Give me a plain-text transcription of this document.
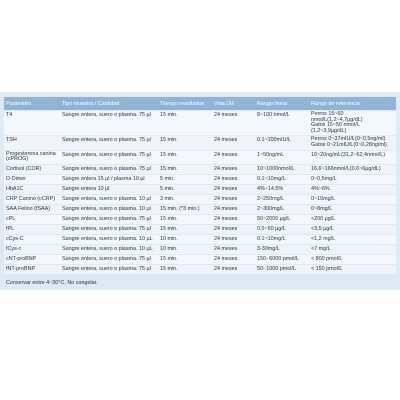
Parámetro	Tipo muestra / Cantidad	Tiempo resultados	Vida Útil	Rango lineal	Rango de referencia
T4	Sangre entera, suero o plasma. 75 µl	15 min.	24 meses	8~100 nmol/L	Perros 15~60 nmol/L(1,2~4,7µg/dL)
Gatos 15~50 nmol/L (1,2~3,9µg/dL)
TSH	Sangre entera, suero o plasma. 75 µl	15 min.	24 meses	0.1~100mIU/L	Perros 0~37mIU/L(0~0,5ng/ml)
Gatos 0~21mIU/L(0~0,28ng/ml)
Progesterona canina (cPROG)	Sangre entera, suero o plasma. 75 µl	15 min.	24 meses	1~50ng/mL	10~20ng/mL(31,2~62,4nmol/L)
Cortisol (COR)	Sangre entera, suero o plasma. 75 µl	15 min.	24 meses	10~1000nmol/L	16,6~166nmol/L(0,6~6µg/dL)
D-Dimer	Sangre entera 15 µl / plasma 10 µl	5 min.	24 meses	0.1~10mg/L	0~0,5mg/L
HbA1C	Sangre entera 10 µl	5 min.	24 meses	4%~14.5%	4%~6%
CRP Canino (cCRP)	Sangre entera, suero o plasma. 10 µl	3 min.	24 meses	2~250mg/L	0~10mg/L
SAA Felino (fSAA)	Sangre entera, suero o plasma. 10 µl	15 min. (*3 min.)	24 meses	2~300mg/L	0~8mg/L
cPL	Sangre entera, suero o plasma. 75 µl	15 min.	24 meses	50~2000 µg/L	<200 µg/L
fPL	Sangre entera, suero o plasma. 75 µl	15 min.	24 meses	0.5~50 µg/L	<3,5 µg/L
cCys-C	Sangre entera, suero o plasma. 10 µL	10 min.	24 meses	0.1~10mg/L	<1,2 mg/L
fCys-c	Sangre entera, suero o plasma. 10 µL	10 min.	24 meses	3-30mg/L	<7 mg/L
cNT-proBNP	Sangre entera, suero o plasma. 75 µl	15 min.	24 meses	150- 6000 pmol/L	< 800 pmol/L
fNT-proBNP	Sangre entera, suero o plasma. 75 µl	15 min.	24 meses	50- 1000 pmol/L	< 150 pmol/L
Conservar entre 4~30°C. No congelar.
